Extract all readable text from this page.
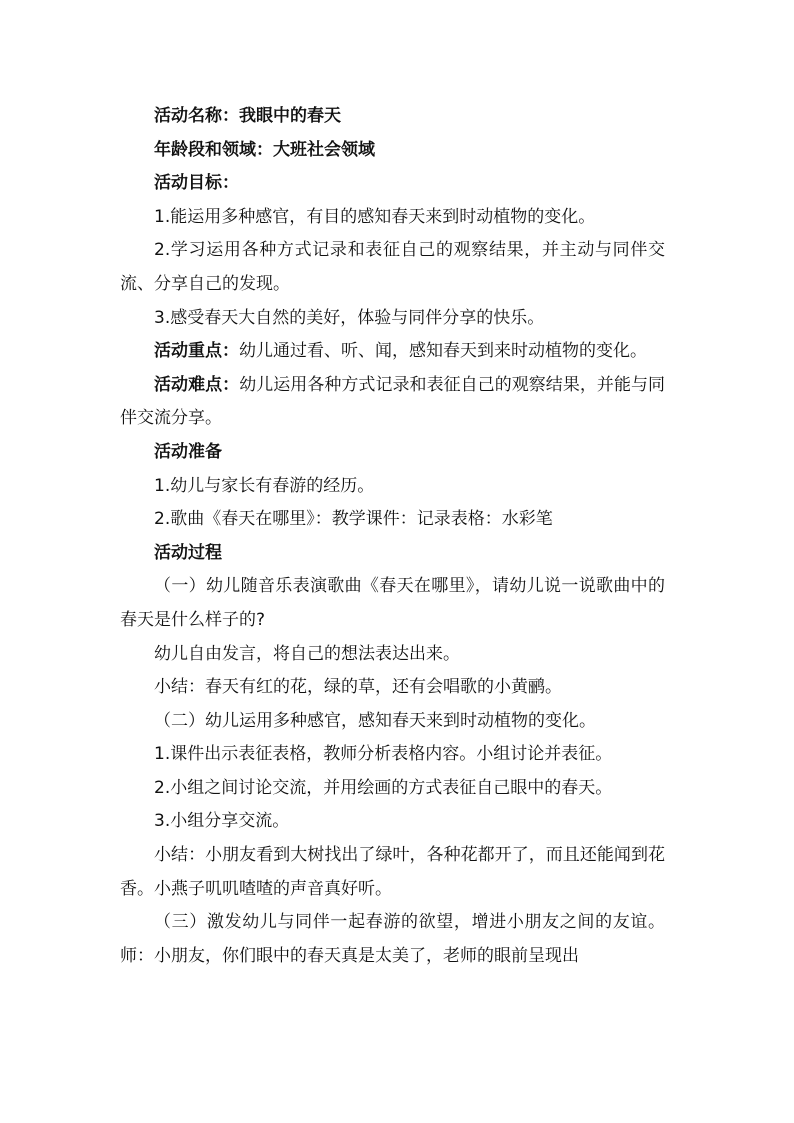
活动名称：我眼中的春天

年龄段和领域：大班社会领域

活动目标：

1.能运用多种感官，有目的感知春天来到时动植物的变化。

2.学习运用各种方式记录和表征自己的观察结果，并主动与同伴交流、分享自己的发现。

3.感受春天大自然的美好，体验与同伴分享的快乐。

活动重点：幼儿通过看、听、闻，感知春天到来时动植物的变化。

活动难点：幼儿运用各种方式记录和表征自己的观察结果，并能与同伴交流分享。

活动准备

1.幼儿与家长有春游的经历。

2.歌曲《春天在哪里》：教学课件：记录表格：水彩笔

活动过程

（一）幼儿随音乐表演歌曲《春天在哪里》，请幼儿说一说歌曲中的春天是什么样子的?

幼儿自由发言，将自己的想法表达出来。

小结：春天有红的花，绿的草，还有会唱歌的小黄鹂。

（二）幼儿运用多种感官，感知春天来到时动植物的变化。

1.课件出示表征表格，教师分析表格内容。小组讨论并表征。

2.小组之间讨论交流，并用绘画的方式表征自己眼中的春天。

3.小组分享交流。

小结：小朋友看到大树找出了绿叶，各种花都开了，而且还能闻到花香。小燕子叽叽喳喳的声音真好听。

（三）激发幼儿与同伴一起春游的欲望，增进小朋友之间的友谊。师：小朋友，你们眼中的春天真是太美了，老师的眼前呈现出
